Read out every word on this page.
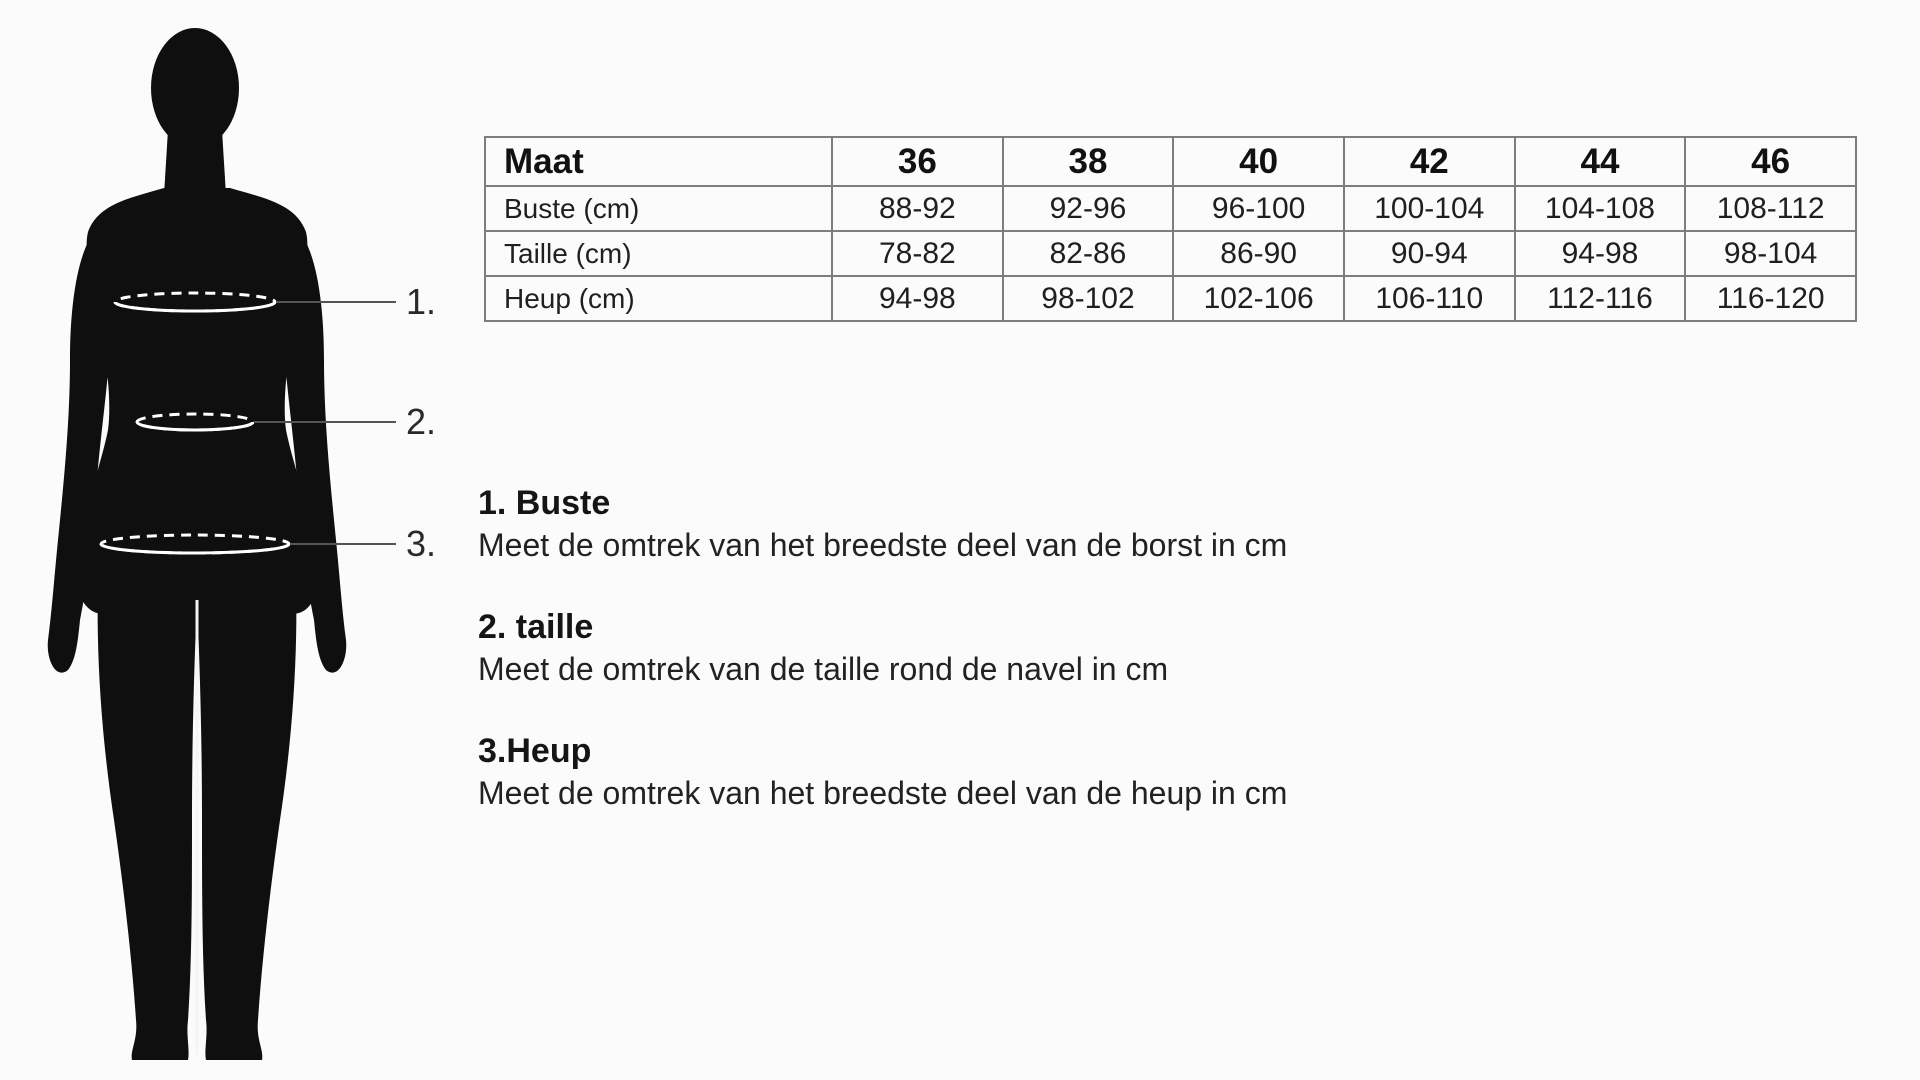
1.
2.
3.
Maat	36	38	40	42	44	46
Buste (cm)	88-92	92-96	96-100	100-104	104-108	108-112
Taille (cm)	78-82	82-86	86-90	90-94	94-98	98-104
Heup (cm)	94-98	98-102	102-106	106-110	112-116	116-120
1. Buste
Meet de omtrek van het breedste deel van de borst in cm
2. taille
Meet de omtrek van de taille rond de navel in cm
3.Heup
Meet de omtrek van het breedste deel van de heup in cm
